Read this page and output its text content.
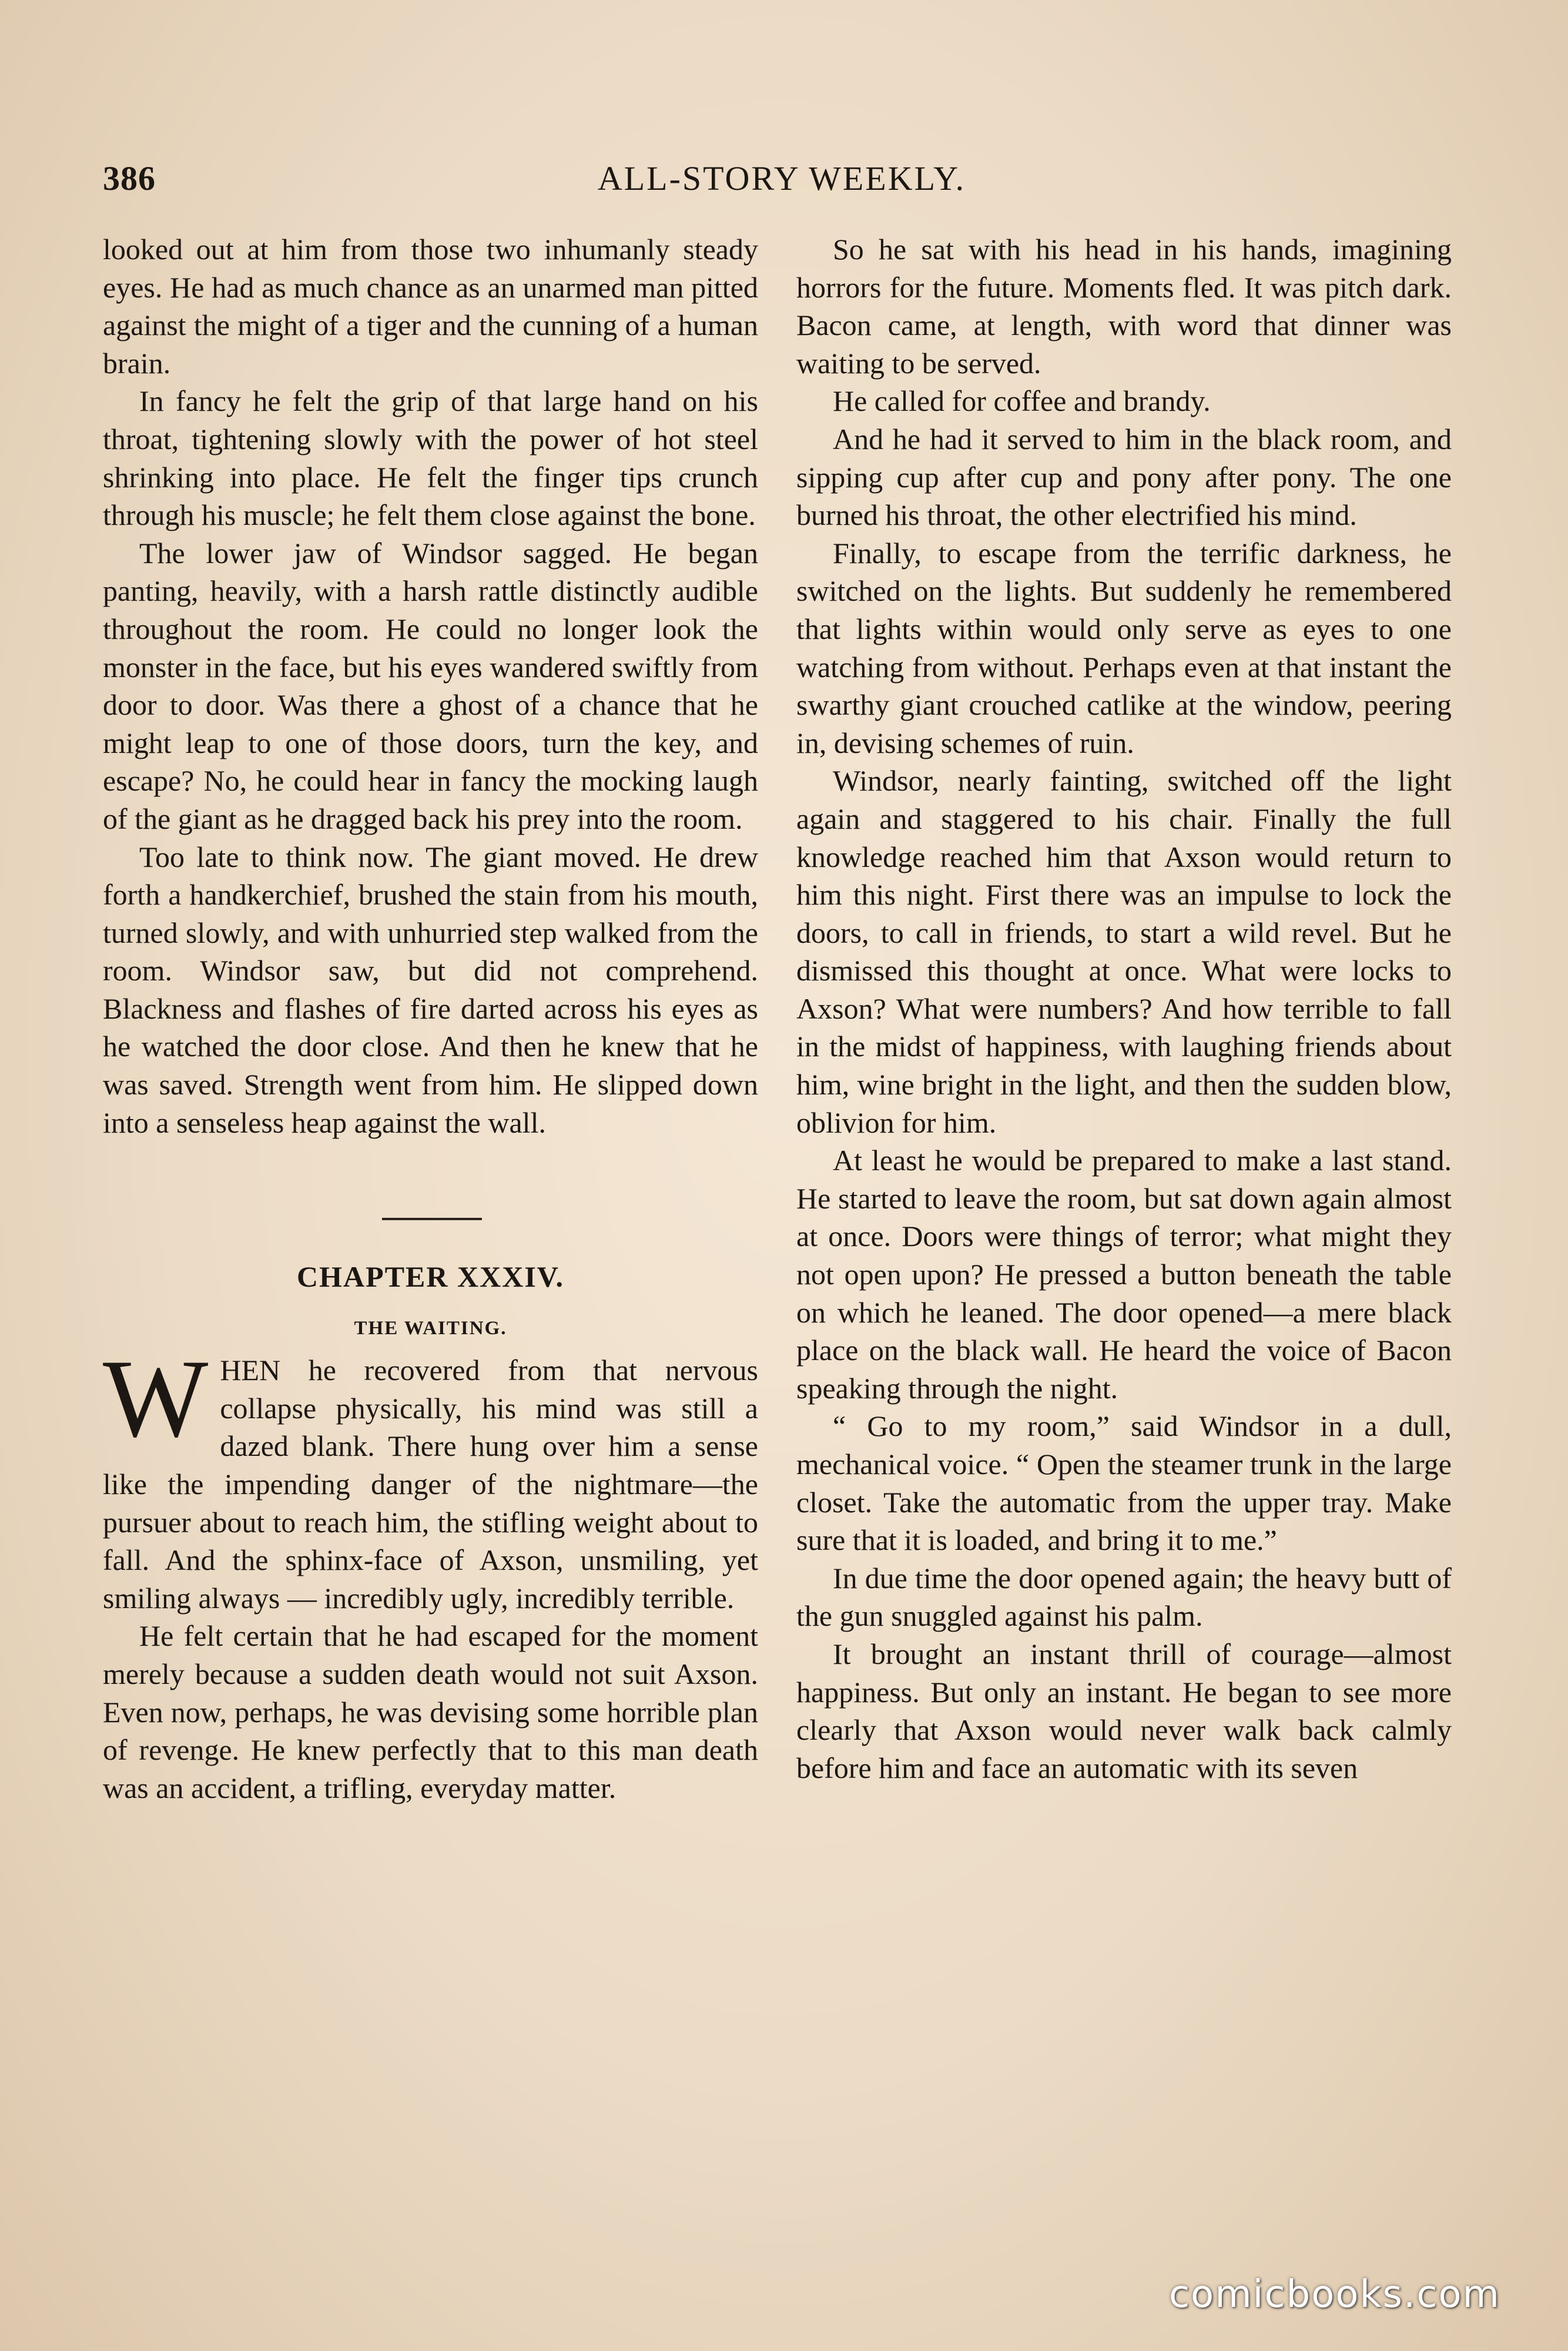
386	ALL-STORY WEEKLY.

looked out at him from those two inhumanly steady eyes. He had as much chance as an unarmed man pitted against the might of a tiger and the cunning of a human brain.

In fancy he felt the grip of that large hand on his throat, tightening slowly with the power of hot steel shrinking into place. He felt the finger tips crunch through his muscle; he felt them close against the bone.

The lower jaw of Windsor sagged. He began panting, heavily, with a harsh rattle distinctly audible throughout the room. He could no longer look the monster in the face, but his eyes wandered swiftly from door to door. Was there a ghost of a chance that he might leap to one of those doors, turn the key, and escape? No, he could hear in fancy the mocking laugh of the giant as he dragged back his prey into the room.

Too late to think now. The giant moved. He drew forth a handkerchief, brushed the stain from his mouth, turned slowly, and with unhurried step walked from the room. Windsor saw, but did not comprehend. Blackness and flashes of fire darted across his eyes as he watched the door close. And then he knew that he was saved. Strength went from him. He slipped down into a senseless heap against the wall.

CHAPTER XXXIV.
THE WAITING.

WHEN he recovered from that nervous collapse physically, his mind was still a dazed blank. There hung over him a sense like the impending danger of the nightmare—the pursuer about to reach him, the stifling weight about to fall. And the sphinx-face of Axson, unsmiling, yet smiling always — incredibly ugly, incredibly terrible.

He felt certain that he had escaped for the moment merely because a sudden death would not suit Axson. Even now, perhaps, he was devising some horrible plan of revenge. He knew perfectly that to this man death was an accident, a trifling, everyday matter.

So he sat with his head in his hands, imagining horrors for the future. Moments fled. It was pitch dark. Bacon came, at length, with word that dinner was waiting to be served.

He called for coffee and brandy.

And he had it served to him in the black room, and sipping cup after cup and pony after pony. The one burned his throat, the other electrified his mind.

Finally, to escape from the terrific darkness, he switched on the lights. But suddenly he remembered that lights within would only serve as eyes to one watching from without. Perhaps even at that instant the swarthy giant crouched catlike at the window, peering in, devising schemes of ruin.

Windsor, nearly fainting, switched off the light again and staggered to his chair. Finally the full knowledge reached him that Axson would return to him this night. First there was an impulse to lock the doors, to call in friends, to start a wild revel. But he dismissed this thought at once. What were locks to Axson? What were numbers? And how terrible to fall in the midst of happiness, with laughing friends about him, wine bright in the light, and then the sudden blow, oblivion for him.

At least he would be prepared to make a last stand. He started to leave the room, but sat down again almost at once. Doors were things of terror; what might they not open upon? He pressed a button beneath the table on which he leaned. The door opened—a mere black place on the black wall. He heard the voice of Bacon speaking through the night.

“ Go to my room,” said Windsor in a dull, mechanical voice. “ Open the steamer trunk in the large closet. Take the automatic from the upper tray. Make sure that it is loaded, and bring it to me.”

In due time the door opened again; the heavy butt of the gun snuggled against his palm.

It brought an instant thrill of courage—almost happiness. But only an instant. He began to see more clearly that Axson would never walk back calmly before him and face an automatic with its seven

comicbooks.com
